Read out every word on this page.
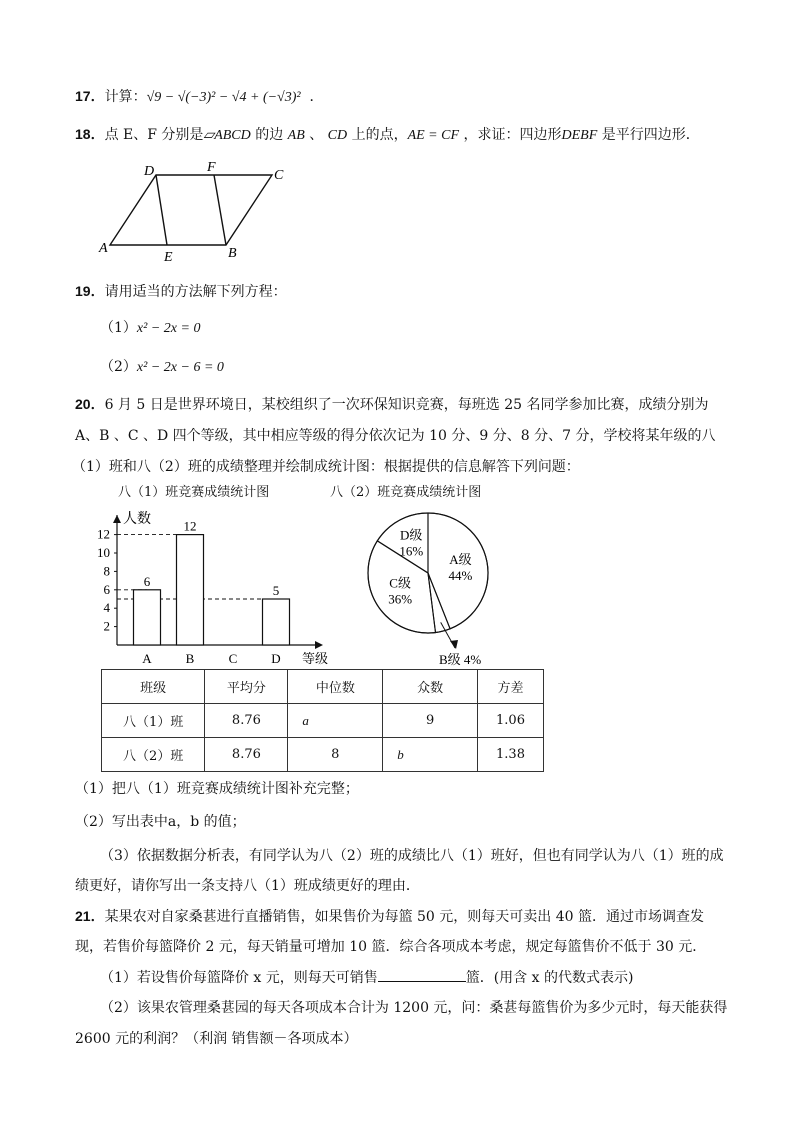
17．计算：√9 − √(−3)² − √4 + (−√3)² ．
18．点 E、F 分别是▱ABCD 的边 AB 、 CD 上的点，AE = CF ，求证：四边形DEBF 是平行四边形．
A
D	F
C
E	B
19．请用适当的方法解下列方程：
（1）x² − 2x = 0
（2）x² − 2x − 6 = 0
20．6 月 5 日是世界环境日，某校组织了一次环保知识竞赛，每班选 25 名同学参加比赛，成绩分别为
A、B 、C 、D 四个等级，其中相应等级的得分依次记为 10 分、9 分、8 分、7 分，学校将某年级的八
（1）班和八（2）班的成绩整理并绘制成统计图：根据提供的信息解答下列问题：
八（1）班竞赛成绩统计图	八（2）班竞赛成绩统计图
人数
等级
2
4
6
8
10
12
6
A
12
B	C
5
D
A级
44%
C级
36%
D级
16%
B级 4%
班级	平均分	中位数	众数	方差
八（1）班	8.76	a	9	1.06
八（2）班	8.76	8	b	1.38
（1）把八（1）班竞赛成绩统计图补充完整；
（2）写出表中a，b 的值；
（3）依据数据分析表，有同学认为八（2）班的成绩比八（1）班好，但也有同学认为八（1）班的成
绩更好，请你写出一条支持八（1）班成绩更好的理由．
21．某果农对自家桑葚进行直播销售，如果售价为每篮 50 元，则每天可卖出 40 篮．通过市场调查发
现，若售价每篮降价 2 元，每天销量可增加 10 篮．综合各项成本考虑，规定每篮售价不低于 30 元．
（1）若设售价每篮降价 x 元，则每天可销售	篮．(用含 x 的代数式表示)
（2）该果农管理桑葚园的每天各项成本合计为 1200 元，问：桑葚每篮售价为多少元时，每天能获得
2600 元的利润？（利润 销售额－各项成本）
